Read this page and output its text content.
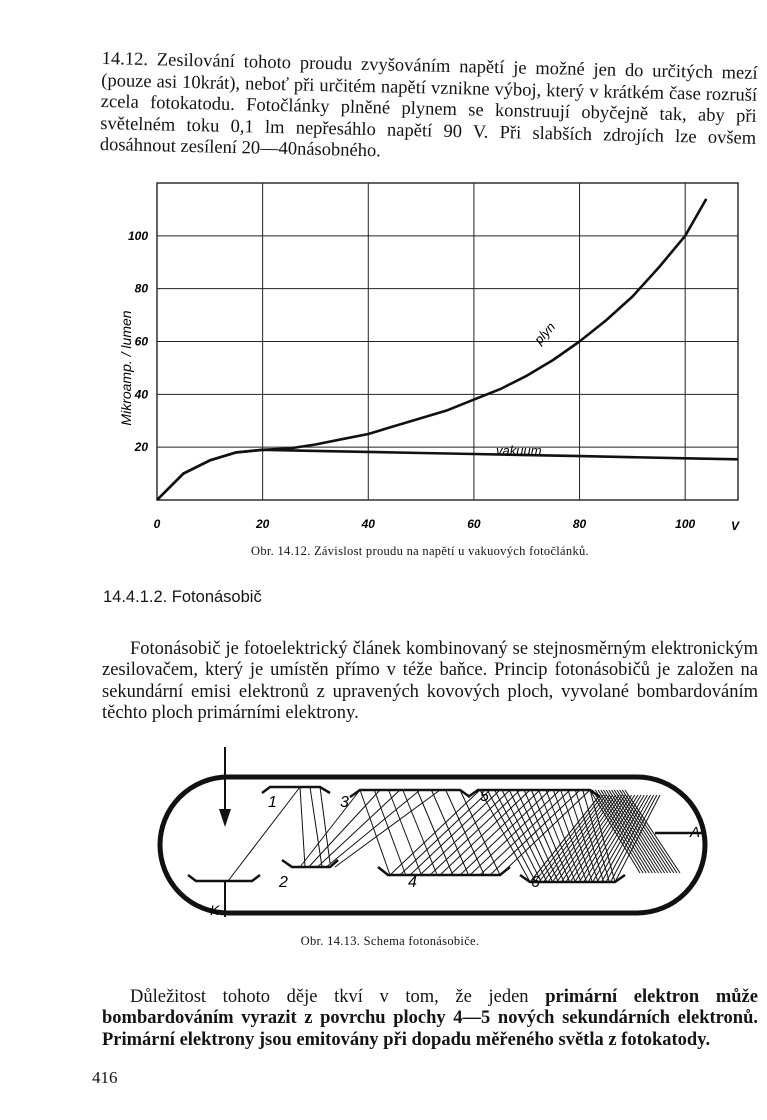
14.12. Zesilování tohoto proudu zvyšováním napětí je možné jen do určitých mezí (pouze asi 10krát), neboť při určitém napětí vznikne výboj, který v krátkém čase rozruší zcela fotokatodu. Fotočlánky plněné plynem se konstruují obyčejně tak, aby při světelném toku 0,1 lm nepřesáhlo napětí 90 V. Při slabších zdrojích lze ovšem dosáhnout zesílení 20—40násobného.

0	20	40	60	80	100	V
20
40
60
80
100
Mikroamp. / lumen	plyn
vakuum
Obr. 14.12. Závislost proudu na napětí u vakuových fotočlánků.
14.4.1.2. Fotonásobič

Fotonásobič je fotoelektrický článek kombinovaný se stejnosměrným elektronickým zesilovačem, který je umístěn přímo v téže baňce. Princip fotonásobičů je založen na sekundární emisi elektronů z upravených kovových ploch, vyvolané bombardováním těchto ploch primárními elektrony.

1
2
3
4
5
6
A
K
Obr. 14.13. Schema fotonásobiče.

Důležitost tohoto děje tkví v tom, že jeden primární elektron může bombardováním vyrazit z povrchu plochy 4—5 nových sekundárních elektronů. Primární elektrony jsou emitovány při dopadu měřeného světla z fotokatody.

416
